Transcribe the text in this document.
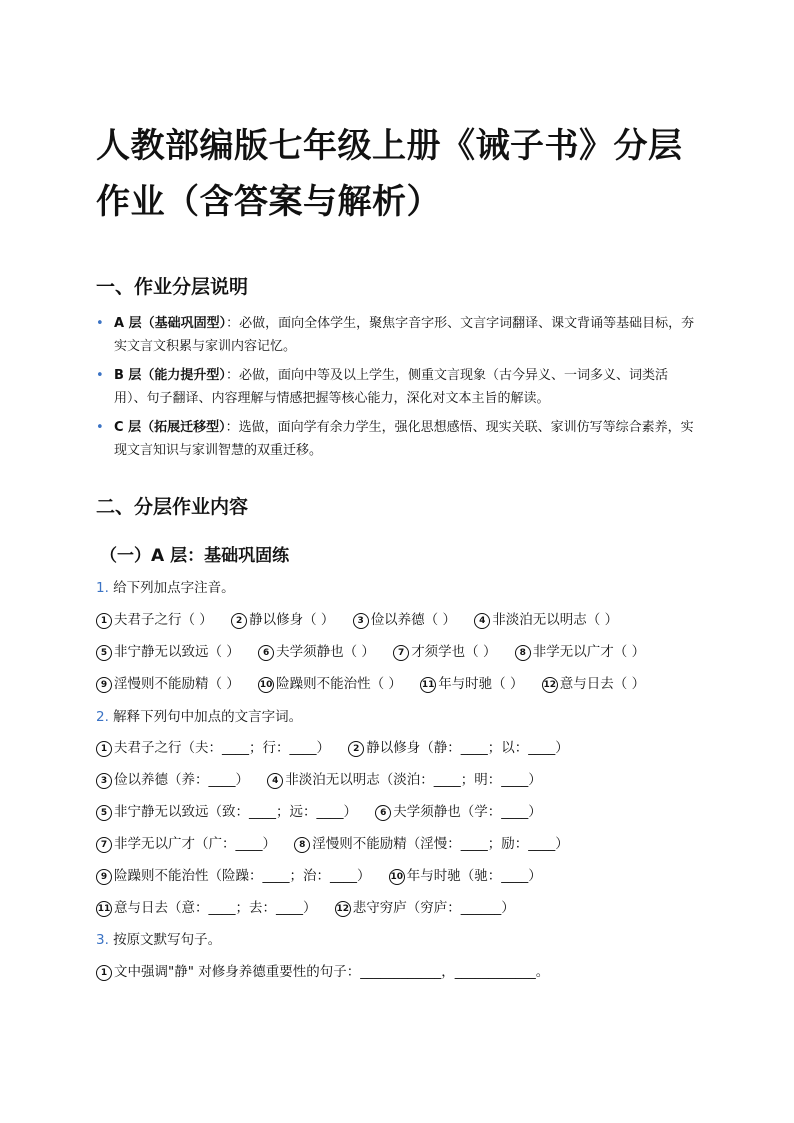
人教部编版七年级上册《诫子书》分层作业（含答案与解析）
一、作业分层说明
• A 层（基础巩固型）：必做，面向全体学生，聚焦字音字形、文言字词翻译、课文背诵等基础目标，夯实文言文积累与家训内容记忆。
• B 层（能力提升型）：必做，面向中等及以上学生，侧重文言现象（古今异义、一词多义、词类活用）、句子翻译、内容理解与情感把握等核心能力，深化对文本主旨的解读。
• C 层（拓展迁移型）：选做，面向学有余力学生，强化思想感悟、现实关联、家训仿写等综合素养，实现文言知识与家训智慧的双重迁移。
二、分层作业内容
（一）A 层：基础巩固练
1. 给下列加点字注音。
1 夫君子之行（ ）	2 静以修身（ ）	3 俭以养德（ ）	4 非淡泊无以明志（ ）
5 非宁静无以致远（ ）	6 夫学须静也（ ）	7 才须学也（ ）	8 非学无以广才（ ）
9 淫慢则不能励精（ ） 10 险躁则不能治性（ ） 11 年与时驰（ ） 12 意与日去（ ）
2. 解释下列句中加点的文言字词。
1 夫君子之行（夫：____；行：____）	2 静以修身（静：____；以：____）
3 俭以养德（养：____）	4 非淡泊无以明志（淡泊：____；明：____）
5 非宁静无以致远（致：____；远：____）	6 夫学须静也（学：____）
7 非学无以广才（广：____）	8 淫慢则不能励精（淫慢：____；励：____）
9 险躁则不能治性（险躁：____；治：____） 10 年与时驰（驰：____）
11 意与日去（意：____；去：____） 12 悲守穷庐（穷庐：______）
3. 按原文默写句子。
1 文中强调"静" 对修身养德重要性的句子：____________，____________。
